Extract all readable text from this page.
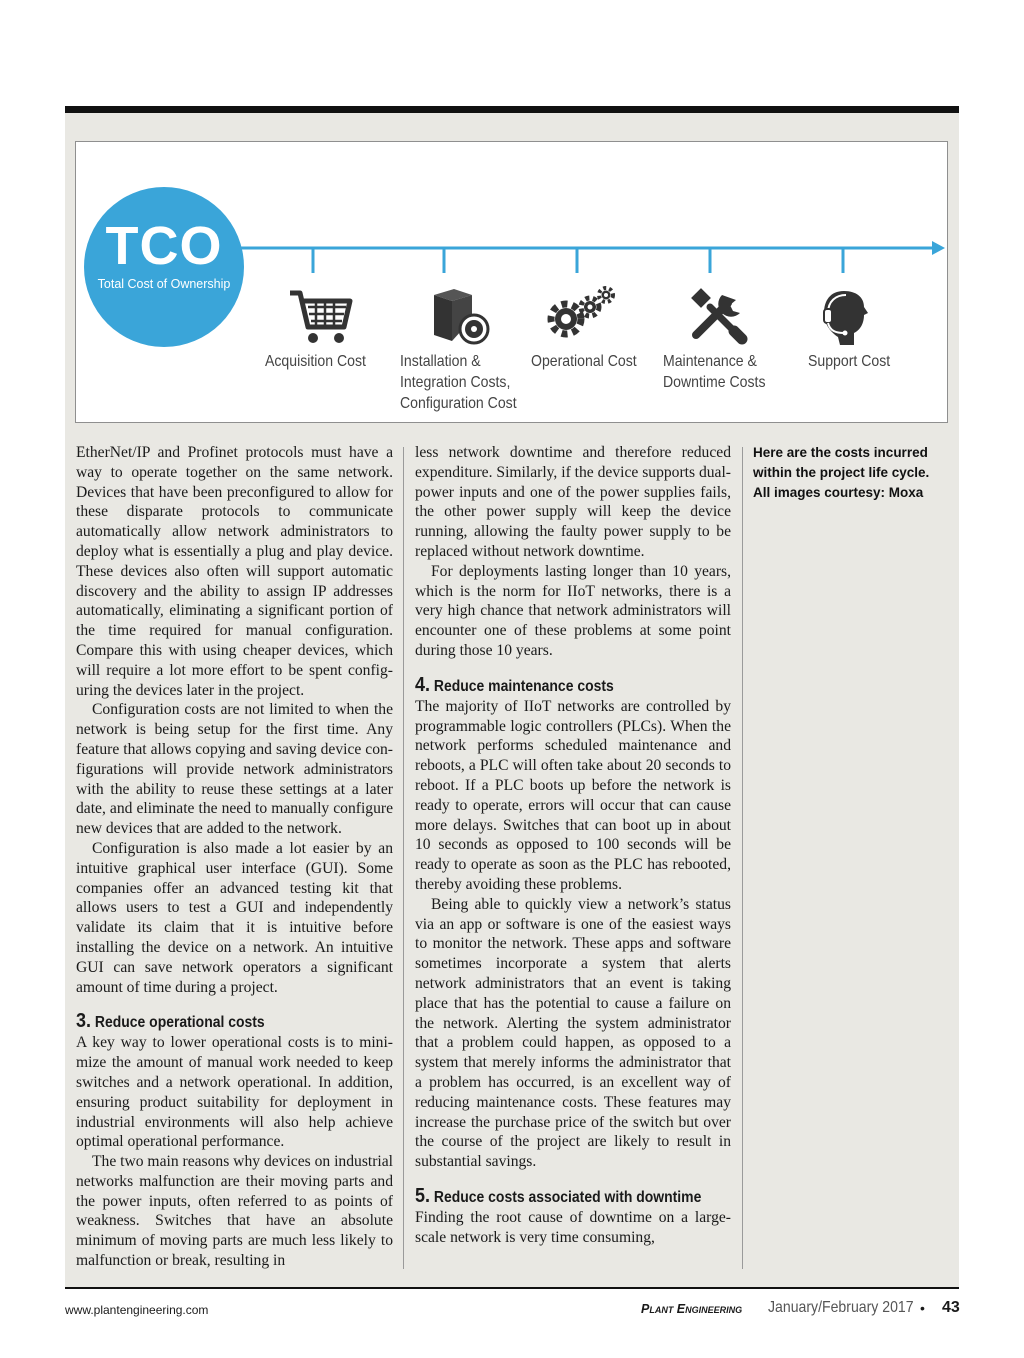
TCO
Total Cost of Ownership
Acquisition Cost Installation &
Integration Costs,
Configuration Cost
Operational Cost Maintenance &
Downtime Costs
Support Cost

EtherNet/IP and Profinet protocols must have a way to operate together on the same network. Devices that have been preconfigured to allow for these disparate protocols to communicate automatically allow network administrators to deploy what is essentially a plug and play device. These devices also often will support automatic discovery and the ability to assign IP addresses automatically, eliminating a significant portion of the time required for manual configuration. Compare this with using cheaper devices, which will require a lot more effort to be spent configuring the devices later in the project.

Configuration costs are not limited to when the network is being setup for the first time. Any feature that allows copying and saving device configurations will provide network administrators with the ability to reuse these settings at a later date, and eliminate the need to manually configure new devices that are added to the network.

Configuration is also made a lot easier by an intuitive graphical user interface (GUI). Some companies offer an advanced testing kit that allows users to test a GUI and independently validate its claim that it is intuitive before installing the device on a network. An intuitive GUI can save network operators a significant amount of time during a project.

3. Reduce operational costs

A key way to lower operational costs is to minimize the amount of manual work needed to keep switches and a network operational. In addition, ensuring product suitability for deployment in industrial environments will also help achieve optimal operational performance.

The two main reasons why devices on industrial networks malfunction are their moving parts and the power inputs, often referred to as points of weakness. Switches that have an absolute minimum of moving parts are much less likely to malfunction or break, resulting in

less network downtime and therefore reduced expenditure. Similarly, if the device supports dual-power inputs and one of the power supplies fails, the other power supply will keep the device running, allowing the faulty power supply to be replaced without network downtime.

For deployments lasting longer than 10 years, which is the norm for IIoT networks, there is a very high chance that network administrators will encounter one of these problems at some point during those 10 years.

4. Reduce maintenance costs

The majority of IIoT networks are controlled by programmable logic controllers (PLCs). When the network performs scheduled maintenance and reboots, a PLC will often take about 20 seconds to reboot. If a PLC boots up before the network is ready to operate, errors will occur that can cause more delays. Switches that can boot up in about 10 seconds as opposed to 100 seconds will be ready to operate as soon as the PLC has rebooted, thereby avoiding these problems.

Being able to quickly view a network’s status via an app or software is one of the easiest ways to monitor the network. These apps and software sometimes incorporate a system that alerts network administrators that an event is taking place that has the potential to cause a failure on the network. Alerting the system administrator that a problem could happen, as opposed to a system that merely informs the administrator that a problem has occurred, is an excellent way of reducing maintenance costs. These features may increase the purchase price of the switch but over the course of the project are likely to result in substantial savings.

5. Reduce costs associated with downtime

Finding the root cause of downtime on a large-scale network is very time consuming,

Here are the costs incurred
within the project life cycle.
All images courtesy: Moxa
www.plantengineering.com	Plant Engineering January/February 2017 • 43
